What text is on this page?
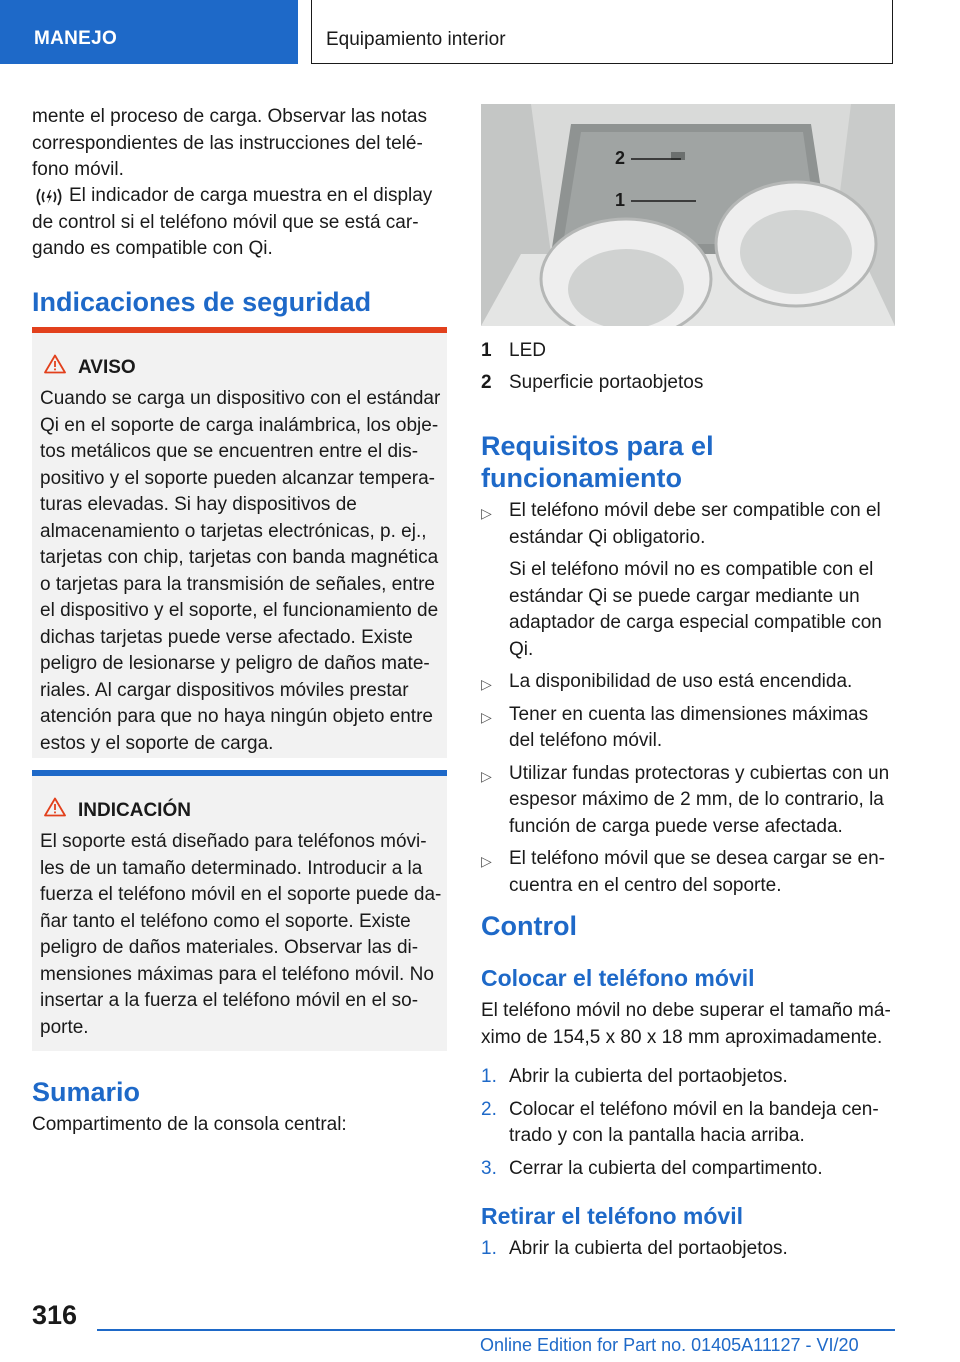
MANEJO	Equipamiento interior
mente el proceso de carga. Observar las notas
correspondientes de las instrucciones del telé-
fono móvil.
El indicador de carga muestra en el display
de control si el teléfono móvil que se está car-
gando es compatible con Qi.
Indicaciones de seguridad
AVISO
Cuando se carga un dispositivo con el estándar
Qi en el soporte de carga inalámbrica, los obje-
tos metálicos que se encuentren entre el dis-
positivo y el soporte pueden alcanzar tempera-
turas elevadas. Si hay dispositivos de
almacenamiento o tarjetas electrónicas, p. ej.,
tarjetas con chip, tarjetas con banda magnética
o tarjetas para la transmisión de señales, entre
el dispositivo y el soporte, el funcionamiento de
dichas tarjetas puede verse afectado. Existe
peligro de lesionarse y peligro de daños mate-
riales. Al cargar dispositivos móviles prestar
atención para que no haya ningún objeto entre
estos y el soporte de carga.
INDICACIÓN
El soporte está diseñado para teléfonos móvi-
les de un tamaño determinado. Introducir a la
fuerza el teléfono móvil en el soporte puede da-
ñar tanto el teléfono como el soporte. Existe
peligro de daños materiales. Observar las di-
mensiones máximas para el teléfono móvil. No
insertar a la fuerza el teléfono móvil en el so-
porte.
Sumario
Compartimento de la consola central:
2
1
1 LED
2 Superficie portaobjetos
Requisitos para el
funcionamiento
▷ El teléfono móvil debe ser compatible con el
estándar Qi obligatorio.
Si el teléfono móvil no es compatible con el
estándar Qi se puede cargar mediante un
adaptador de carga especial compatible con
Qi.
▷ La disponibilidad de uso está encendida.
▷ Tener en cuenta las dimensiones máximas
del teléfono móvil.
▷ Utilizar fundas protectoras y cubiertas con un
espesor máximo de 2 mm, de lo contrario, la
función de carga puede verse afectada.
▷ El teléfono móvil que se desea cargar se en-
cuentra en el centro del soporte.
Control
Colocar el teléfono móvil
El teléfono móvil no debe superar el tamaño má-
ximo de 154,5 x 80 x 18 mm aproximadamente.
1. Abrir la cubierta del portaobjetos.
2. Colocar el teléfono móvil en la bandeja cen-
trado y con la pantalla hacia arriba.
3. Cerrar la cubierta del compartimento.
Retirar el teléfono móvil
1. Abrir la cubierta del portaobjetos.
316
Online Edition for Part no. 01405A11127 - VI/20
